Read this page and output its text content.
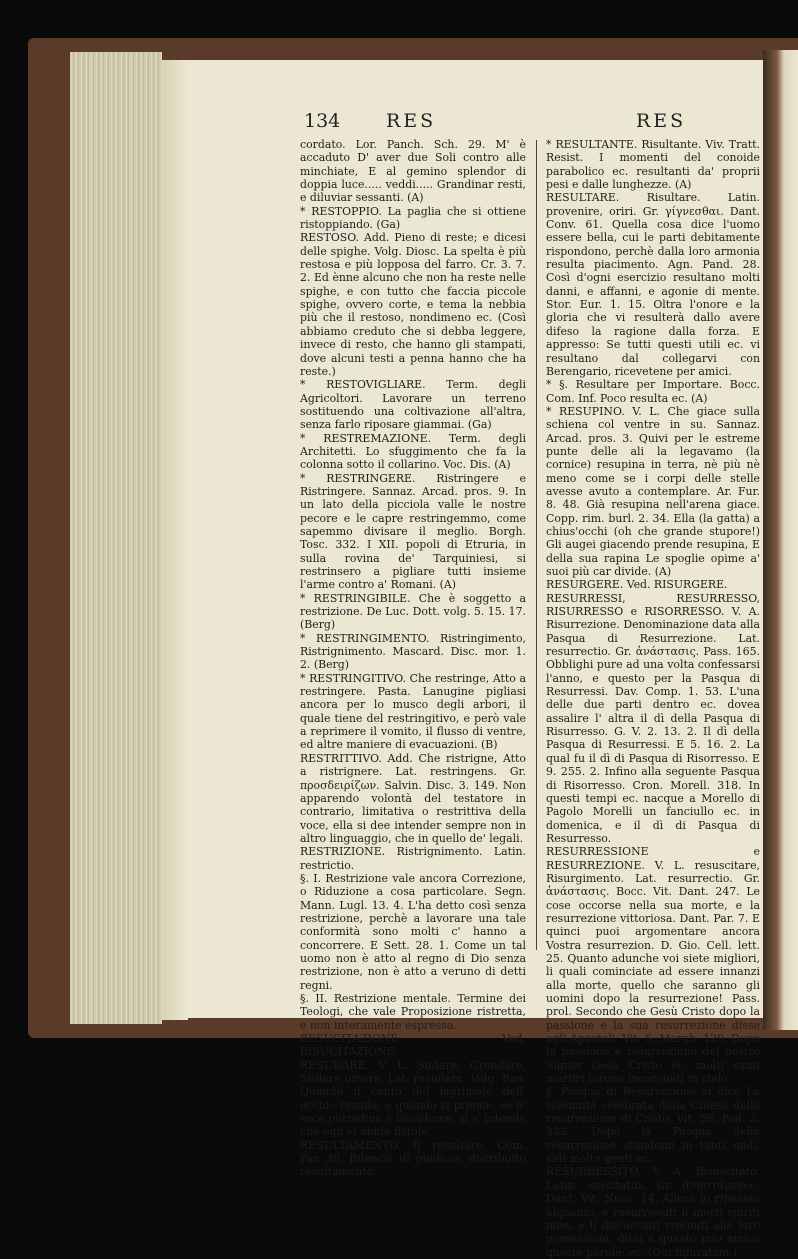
134 RES	RES

cordato. Lor. Panch. Sch. 29. M' è accaduto D' aver due Soli contro alle minchiate, E al gemino splendor di doppia luce..... veddi..... Grandinar resti, e diluviar sessanti. (A)

* RESTOPPIO. La paglia che si ottiene ristoppiando. (Ga)

RESTOSO. Add. Pieno di reste; e dicesi delle spighe. Volg. Diosc. La spelta è più restosa e più lopposa del farro. Cr. 3. 7. 2. Ed ènne alcuno che non ha reste nelle spighe, e con tutto che faccia piccole spighe, ovvero corte, e tema la nebbia più che il restoso, nondimeno ec. (Così abbiamo creduto che si debba leggere, invece di resto, che hanno gli stampati, dove alcuni testi a penna hanno che ha reste.)

* RESTOVIGLIARE. Term. degli Agricoltori. Lavorare un terreno sostituendo una coltivazione all'altra, senza farlo riposare giammai. (Ga)

* RESTREMAZIONE. Term. degli Architetti. Lo sfuggimento che fa la colonna sotto il collarino. Voc. Dis. (A)

* RESTRINGERE. Ristringere e Ristringere. Sannaz. Arcad. pros. 9. In un lato della picciola valle le nostre pecore e le capre restringemmo, come sapemmo divisare il meglio. Borgh. Tosc. 332. I XII. popoli di Etruria, in sulla rovina de' Tarquiniesi, si restrinsero a pigliare tutti insieme l'arme contro a' Romani. (A)

* RESTRINGIBILE. Che è soggetto a restrizione. De Luc. Dott. volg. 5. 15. 17. (Berg)

* RESTRINGIMENTO. Ristringimento, Ristrignimento. Mascard. Disc. mor. 1. 2. (Berg)

* RESTRINGITIVO. Che restringe, Atto a restringere. Pasta. Lanugine pigliasi ancora per lo musco degli arbori, il quale tiene del restringitivo, e però vale a reprimere il vomito, il flusso di ventre, ed altre maniere di evacuazioni. (B)

RESTRITTIVO. Add. Che ristrigne, Atto a ristrignere. Lat. restringens. Gr. προσδειρίζων. Salvin. Disc. 3. 149. Non apparendo volontà del testatore in contrario, limitativa o restrittiva della voce, ella si dee intender sempre non in altro linguaggio, che in quello de' legali.

RESTRIZIONE. Ristrignimento. Latin. restrictio.

§. I. Restrizione vale ancora Correzione, o Riduzione a cosa particolare. Segn. Mann. Lugl. 13. 4. L'ha detto così senza restrizione, perchè a lavorare una tale conformità sono molti c' hanno a concorrere. E Sett. 28. 1. Come un tal uomo non è atto al regno di Dio senza restrizione, non è atto a veruno di detti regni.

§. II. Restrizione mentale. Termine dei Teologi, che vale Proposizione ristretta, e non interamente espressa.

RESUCITAZIONE. Ved. RISUCITAZIONE.

RESUDARE. V. L. Sudare, Grondare, Stillare umore. Lat. resudare. Volg. Ras. Quando il canto del lagrimale dell' occhio resuda, e quando si prieme, se n' esce putredine e fracidume, sì s' intende che egli vi abbia fistola.

RESULTAMENTO. Il resultare. Com. Par. 28. Bilancia di giudicio, distribuito resultamento.

* RESULTANTE. Risultante. Viv. Tratt. Resist. I momenti del conoide parabolico ec. resultanti da' proprii pesi e dalle lunghezze. (A)

RESULTARE. Risultare. Latin. provenire, oriri. Gr. γίγνεσθαι. Dant. Conv. 61. Quella cosa dice l'uomo essere bella, cui le parti debitamente rispondono, perchè dalla loro armonia resulta piacimento. Agn. Pand. 28. Così d'ogni esercizio resultano molti danni, e affanni, e agonie di mente. Stor. Eur. 1. 15. Oltra l'onore e la gloria che vi resulterà dallo avere difeso la ragione dalla forza. E appresso: Se tutti questi utili ec. vi resultano dal collegarvi con Berengario, ricevetene per amici.

* §. Resultare per Importare. Bocc. Com. Inf. Poco resulta ec. (A)

* RESUPINO. V. L. Che giace sulla schiena col ventre in su. Sannaz. Arcad. pros. 3. Quivi per le estreme punte delle ali la legavamo (la cornice) resupina in terra, nè più nè meno come se i corpi delle stelle avesse avuto a contemplare. Ar. Fur. 8. 48. Già resupina nell'arena giace. Copp. rim. burl. 2. 34. Ella (la gatta) a chius'occhi (oh che grande stupore!) Gli augei giacendo prende resupina, E della sua rapina Le spoglie opime a' suoi più car divide. (A)

RESURGERE. Ved. RISURGERE.

RESURRESSI, RESURRESSO, RISURRESSO e RISORRESSO. V. A. Risurrezione. Denominazione data alla Pasqua di Resurrezione. Lat. resurrectio. Gr. ἀνάστασις. Pass. 165. Obblighi pure ad una volta confessarsi l'anno, e questo per la Pasqua di Resurressi. Dav. Comp. 1. 53. L'una delle due parti dentro ec. dovea assalire l' altra il dì della Pasqua di Risurresso. G. V. 2. 13. 2. Il dì della Pasqua di Resurressi. E 5. 16. 2. La qual fu il dì di Pasqua di Risorresso. E 9. 255. 2. Infino alla seguente Pasqua di Risorresso. Cron. Morell. 318. In questi tempi ec. nacque a Morello di Pagolo Morelli un fanciullo ec. in domenica, e il dì di Pasqua di Resurresso.

RESURRESSIONE e RESURREZIONE. V. L. resuscitare, Risurgimento. Lat. resurrectio. Gr. ἀνάστασις. Bocc. Vit. Dant. 247. Le cose occorse nella sua morte, e la resurrezione vittoriosa. Dant. Par. 7. E quinci puoi argomentare ancora Vostra resurrezion. D. Gio. Cell. lett. 25. Quanto adunche voi siete migliori, li quali cominciate ad essere innanzi alla morte, quello che saranno gli uomini dopo la resurrezione! Pass. prol. Secondo che Gesù Cristo dopo la passione e la sua resurrezione disse agli Apostoli. Vit. S. Margh. 129. Dopo la passione e resurrezione del nostro Signor Gesù Cristo ec. molti santi martiri furono incoronati in cielo.

§. Pasqua di Resurrezione si dice La solennità celebrata dalla Chiesa della resurrezione di Cristo. Vit. SS. Pad. 2. 322. Dopo la Pasqua della resurrezione standomi in tanti mali, vidi molte genti ec.

RESURRESSITO. V. A. Risuscitato. Latin. suscitatus. Gr. ἀναστάμενος. Dant. Vit. Nuov. 14. Allora io riposato alquanto, e resurressiti li morti spiriti miei, e li discacciati rivenuti alle loro possessioni, dissi a questo mio amico queste parole: ec. (Qui figuratam.)
